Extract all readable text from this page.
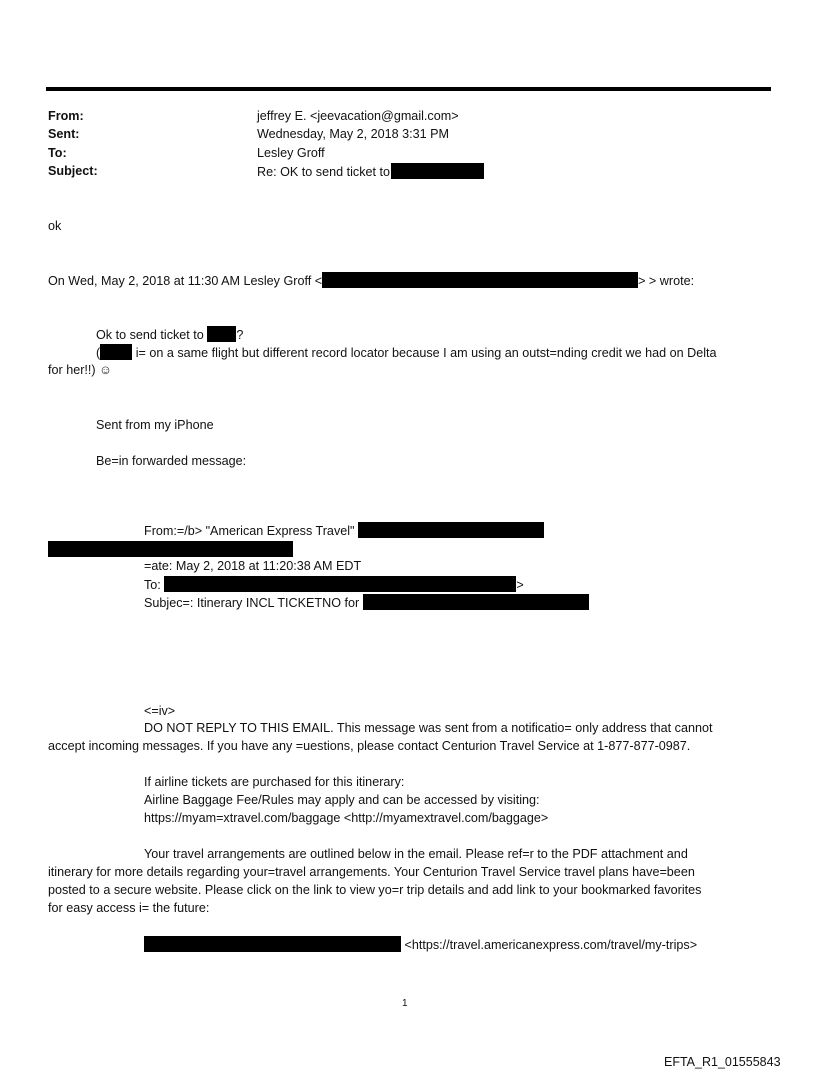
From:	jeffrey E. <jeevacation@gmail.com>
Sent:	Wednesday, May 2, 2018 3:31 PM
To:	Lesley Groff
Subject:	Re: OK to send ticket to
ok
On Wed, May 2, 2018 at 11:30 AM Lesley Groff <	> > wrote:
Ok to send ticket to	?
(	i= on a same flight but different record locator because I am using an outst=nding credit we had on Delta
for her!!) ☺
Sent from my iPhone
Be=in forwarded message:
From:=/b> "American Express Travel"
=ate: May 2, 2018 at 11:20:38 AM EDT
To:	>
Subjec=: Itinerary INCL TICKETNO for
<=iv>
DO NOT REPLY TO THIS EMAIL. This message was sent from a notificatio= only address that cannot
accept incoming messages. If you have any =uestions, please contact Centurion Travel Service at 1-877-877-0987.
If airline tickets are purchased for this itinerary:
Airline Baggage Fee/Rules may apply and can be accessed by visiting:
https://myam=xtravel.com/baggage <http://myamextravel.com/baggage>
Your travel arrangements are outlined below in the email. Please ref=r to the PDF attachment and
itinerary for more details regarding your=travel arrangements. Your Centurion Travel Service travel plans have=been
posted to a secure website. Please click on the link to view yo=r trip details and add link to your bookmarked favorites
for easy access i= the future:
<https://travel.americanexpress.com/travel/my-trips>
1
EFTA_R1_01555843
